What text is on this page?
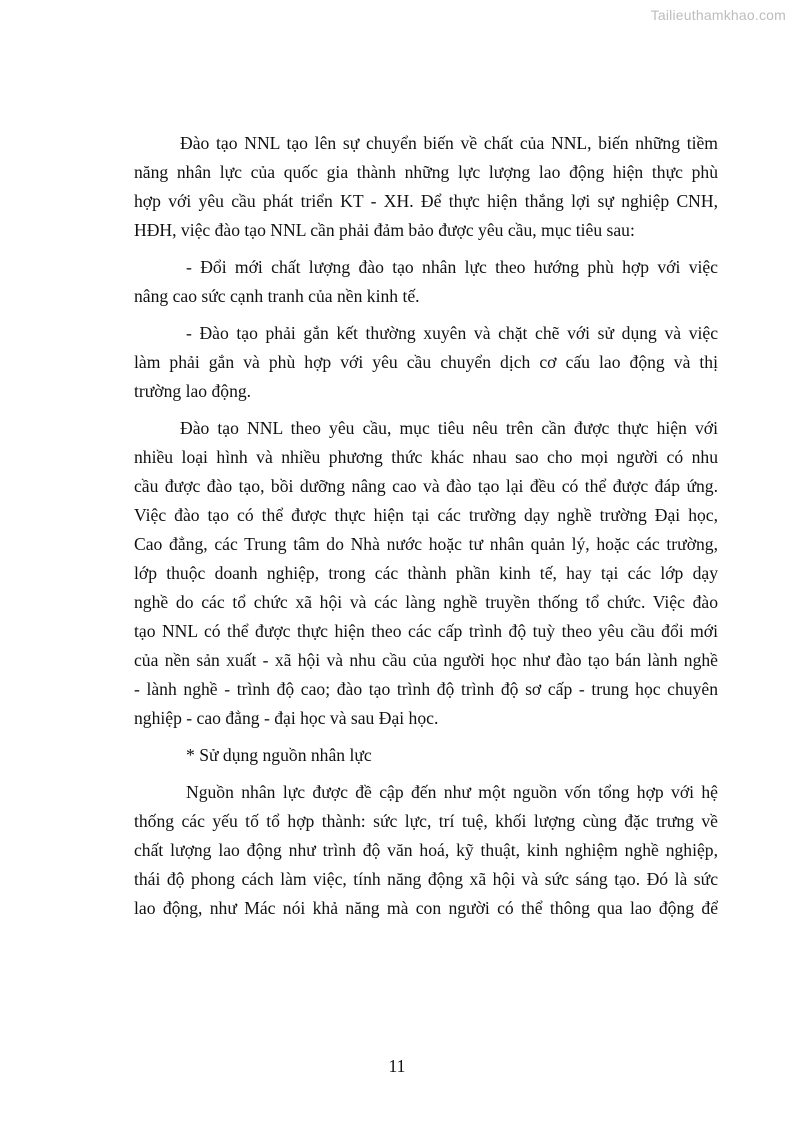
Tailieuthamkhao.com
Đào tạo NNL tạo lên sự chuyển biến về chất của NNL, biến những tiềm
năng nhân lực của quốc gia thành những lực lượng lao động hiện thực phù
hợp với yêu cầu phát triển KT - XH. Để thực hiện thắng lợi sự nghiệp CNH,
HĐH, việc đào tạo NNL cần phải đảm bảo được yêu cầu, mục tiêu sau:
- Đổi mới chất lượng đào tạo nhân lực theo hướng phù hợp với việc
nâng cao sức cạnh tranh của nền kinh tế.
- Đào tạo phải gắn kết thường xuyên và chặt chẽ với sử dụng và việc
làm phải gắn và phù hợp với yêu cầu chuyển dịch cơ cấu lao động và thị
trường lao động.
Đào tạo NNL theo yêu cầu, mục tiêu nêu trên cần được thực hiện với
nhiều loại hình và nhiều phương thức khác nhau sao cho mọi người có nhu
cầu được đào tạo, bồi dưỡng nâng cao và đào tạo lại đều có thể được đáp ứng.
Việc đào tạo có thể được thực hiện tại các trường dạy nghề trường Đại học,
Cao đẳng, các Trung tâm do Nhà nước hoặc tư nhân quản lý, hoặc các trường,
lớp thuộc doanh nghiệp, trong các thành phần kinh tế, hay tại các lớp dạy
nghề do các tổ chức xã hội và các làng nghề truyền thống tổ chức. Việc đào
tạo NNL có thể được thực hiện theo các cấp trình độ tuỳ theo yêu cầu đổi mới
của nền sản xuất - xã hội và nhu cầu của người học như đào tạo bán lành nghề
- lành nghề - trình độ cao; đào tạo trình độ trình độ sơ cấp - trung học chuyên
nghiệp - cao đẳng - đại học và sau Đại học.
* Sử dụng nguồn nhân lực
Nguồn nhân lực được đề cập đến như một nguồn vốn tổng hợp với hệ
thống các yếu tố tổ hợp thành: sức lực, trí tuệ, khối lượng cùng đặc trưng về
chất lượng lao động như trình độ văn hoá, kỹ thuật, kinh nghiệm nghề nghiệp,
thái độ phong cách làm việc, tính năng động xã hội và sức sáng tạo. Đó là sức
lao động, như Mác nói khả năng mà con người có thể thông qua lao động để
11
